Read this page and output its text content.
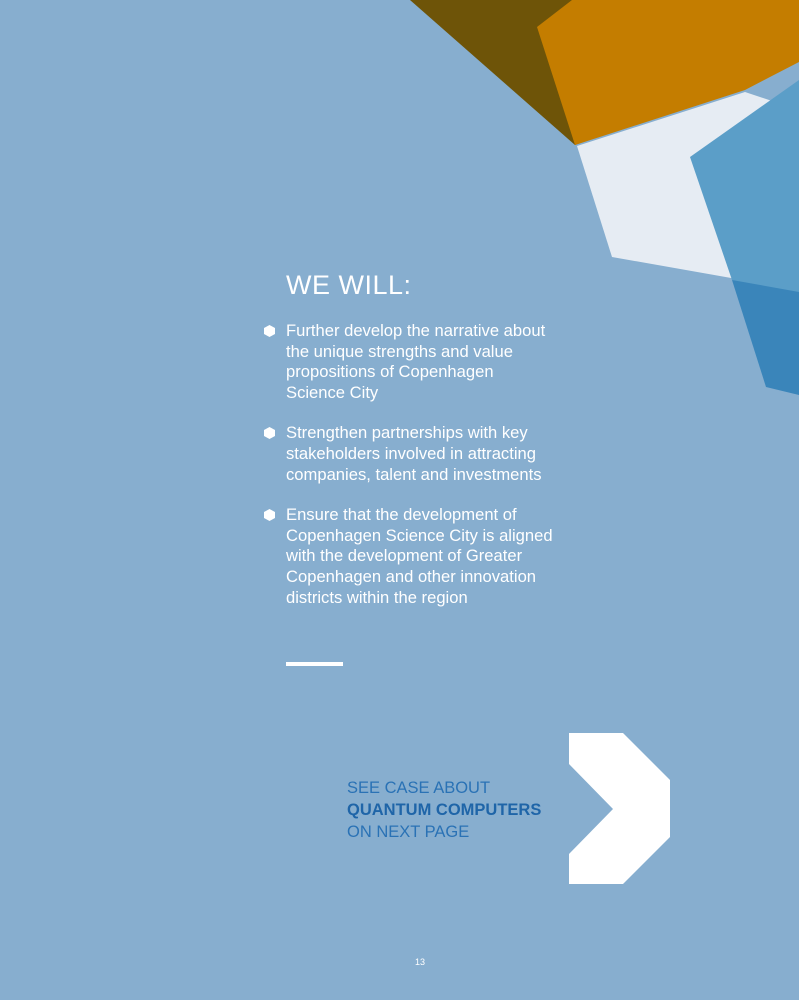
WE WILL:
Further develop the narrative about the unique strengths and value propositions of Copenhagen Science City
Strengthen partnerships with key stakeholders involved in attracting companies, talent and investments
Ensure that the development of Copenhagen Science City is aligned with the development of Greater Copenhagen and other innovation districts within the region
SEE CASE ABOUT
QUANTUM COMPUTERS
ON NEXT PAGE
13
